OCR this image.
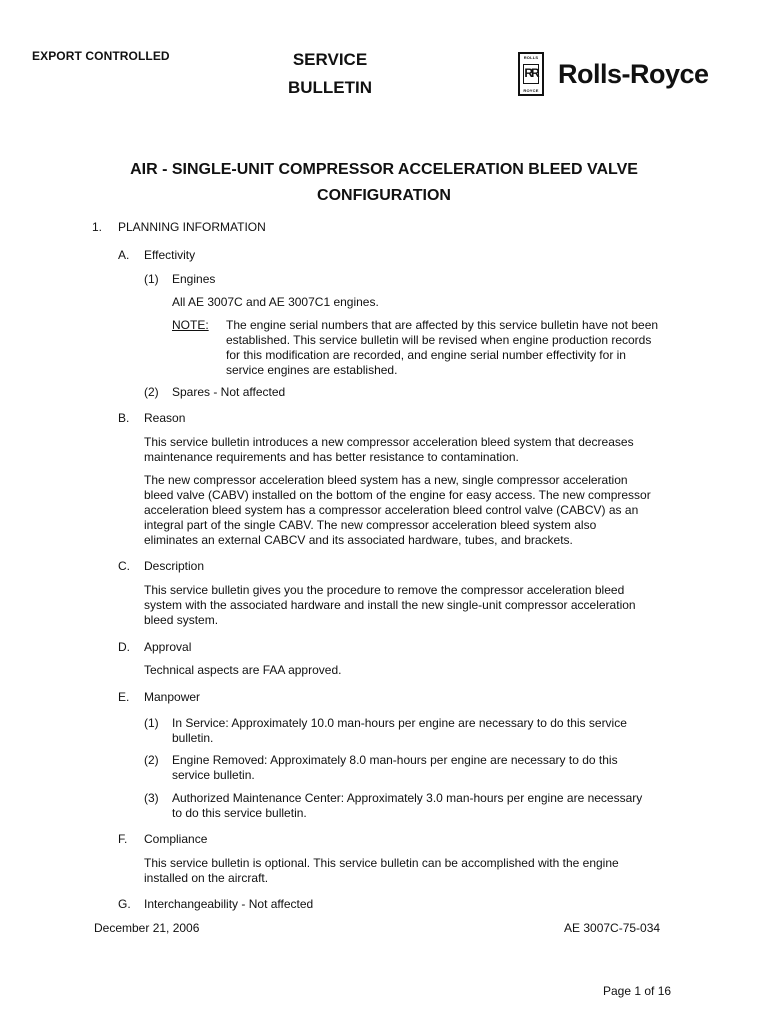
EXPORT CONTROLLED	SERVICE
BULLETIN
ROLLS
RR
ROYCE
Rolls-Royce
AIR - SINGLE-UNIT COMPRESSOR ACCELERATION BLEED VALVE
CONFIGURATION
1. PLANNING INFORMATION
A. Effectivity
(1) Engines
All AE 3007C and AE 3007C1 engines.
NOTE: The engine serial numbers that are affected by this service bulletin have not been
established. This service bulletin will be revised when engine production records
for this modification are recorded, and engine serial number effectivity for in
service engines are established.
(2) Spares - Not affected
B. Reason
This service bulletin introduces a new compressor acceleration bleed system that decreases
maintenance requirements and has better resistance to contamination.
The new compressor acceleration bleed system has a new, single compressor acceleration
bleed valve (CABV) installed on the bottom of the engine for easy access. The new compressor
acceleration bleed system has a compressor acceleration bleed control valve (CABCV) as an
integral part of the single CABV. The new compressor acceleration bleed system also
eliminates an external CABCV and its associated hardware, tubes, and brackets.
C. Description
This service bulletin gives you the procedure to remove the compressor acceleration bleed
system with the associated hardware and install the new single-unit compressor acceleration
bleed system.
D. Approval
Technical aspects are FAA approved.
E. Manpower
(1) In Service: Approximately 10.0 man-hours per engine are necessary to do this service
bulletin.
(2) Engine Removed: Approximately 8.0 man-hours per engine are necessary to do this
service bulletin.
(3) Authorized Maintenance Center: Approximately 3.0 man-hours per engine are necessary
to do this service bulletin.
F. Compliance
This service bulletin is optional. This service bulletin can be accomplished with the engine
installed on the aircraft.
G. Interchangeability - Not affected
December 21, 2006	AE 3007C-75-034
Page 1 of 16
